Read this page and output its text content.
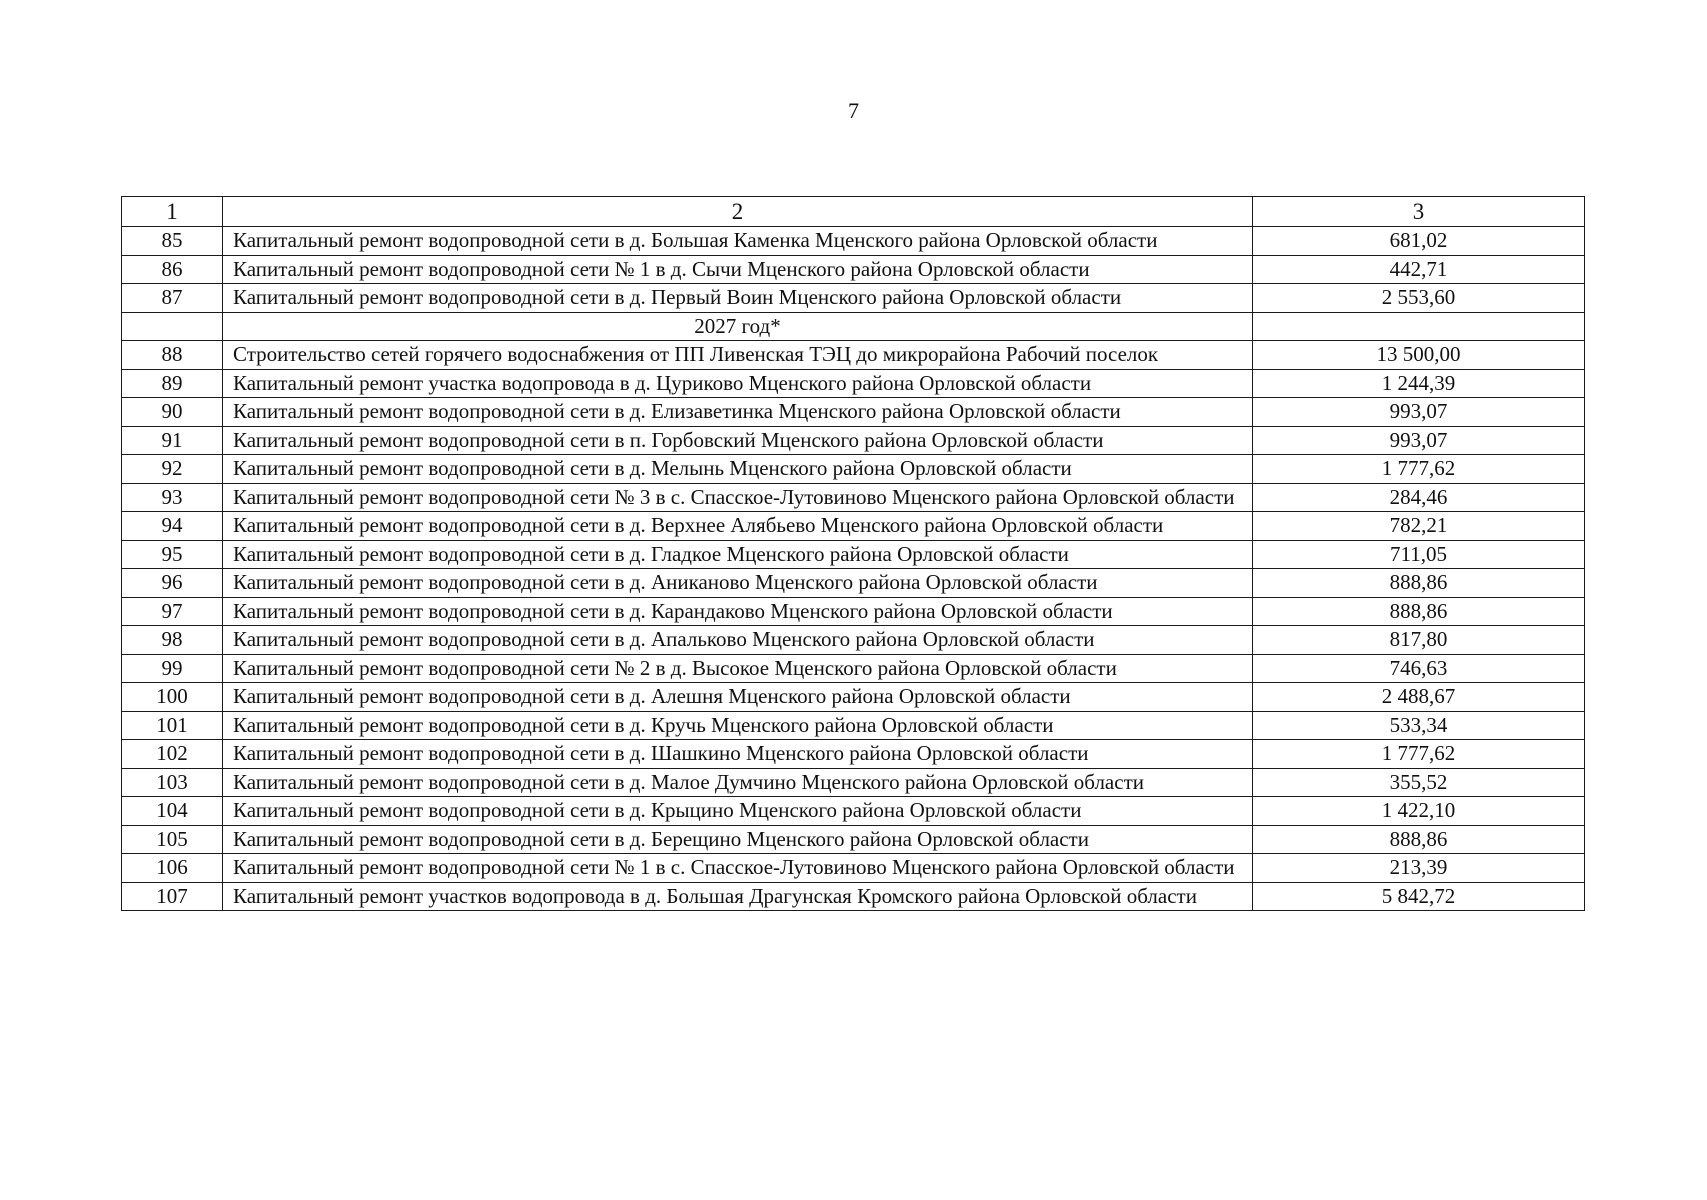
7
1	2	3
85	Капитальный ремонт водопроводной сети в д. Большая Каменка Мценского района Орловской области	681,02
86	Капитальный ремонт водопроводной сети № 1 в д. Сычи Мценского района Орловской области	442,71
87	Капитальный ремонт водопроводной сети в д. Первый Воин Мценского района Орловской области	2 553,60
	2027 год*	
88	Строительство сетей горячего водоснабжения от ПП Ливенская ТЭЦ до микрорайона Рабочий поселок	13 500,00
89	Капитальный ремонт участка водопровода в д. Цуриково Мценского района Орловской области	1 244,39
90	Капитальный ремонт водопроводной сети в д. Елизаветинка Мценского района Орловской области	993,07
91	Капитальный ремонт водопроводной сети в п. Горбовский Мценского района Орловской области	993,07
92	Капитальный ремонт водопроводной сети в д. Мелынь Мценского района Орловской области	1 777,62
93	Капитальный ремонт водопроводной сети № 3 в с. Спасское-Лутовиново Мценского района Орловской области	284,46
94	Капитальный ремонт водопроводной сети в д. Верхнее Алябьево Мценского района Орловской области	782,21
95	Капитальный ремонт водопроводной сети в д. Гладкое Мценского района Орловской области	711,05
96	Капитальный ремонт водопроводной сети в д. Аниканово Мценского района Орловской области	888,86
97	Капитальный ремонт водопроводной сети в д. Карандаково Мценского района Орловской области	888,86
98	Капитальный ремонт водопроводной сети в д. Апальково Мценского района Орловской области	817,80
99	Капитальный ремонт водопроводной сети № 2 в д. Высокое Мценского района Орловской области	746,63
100	Капитальный ремонт водопроводной сети в д. Алешня Мценского района Орловской области	2 488,67
101	Капитальный ремонт водопроводной сети в д. Кручь Мценского района Орловской области	533,34
102	Капитальный ремонт водопроводной сети в д. Шашкино Мценского района Орловской области	1 777,62
103	Капитальный ремонт водопроводной сети в д. Малое Думчино Мценского района Орловской области	355,52
104	Капитальный ремонт водопроводной сети в д. Крыцино Мценского района Орловской области	1 422,10
105	Капитальный ремонт водопроводной сети в д. Берещино Мценского района Орловской области	888,86
106	Капитальный ремонт водопроводной сети № 1 в с. Спасское-Лутовиново Мценского района Орловской области	213,39
107	Капитальный ремонт участков водопровода в д. Большая Драгунская Кромского района Орловской области	5 842,72
